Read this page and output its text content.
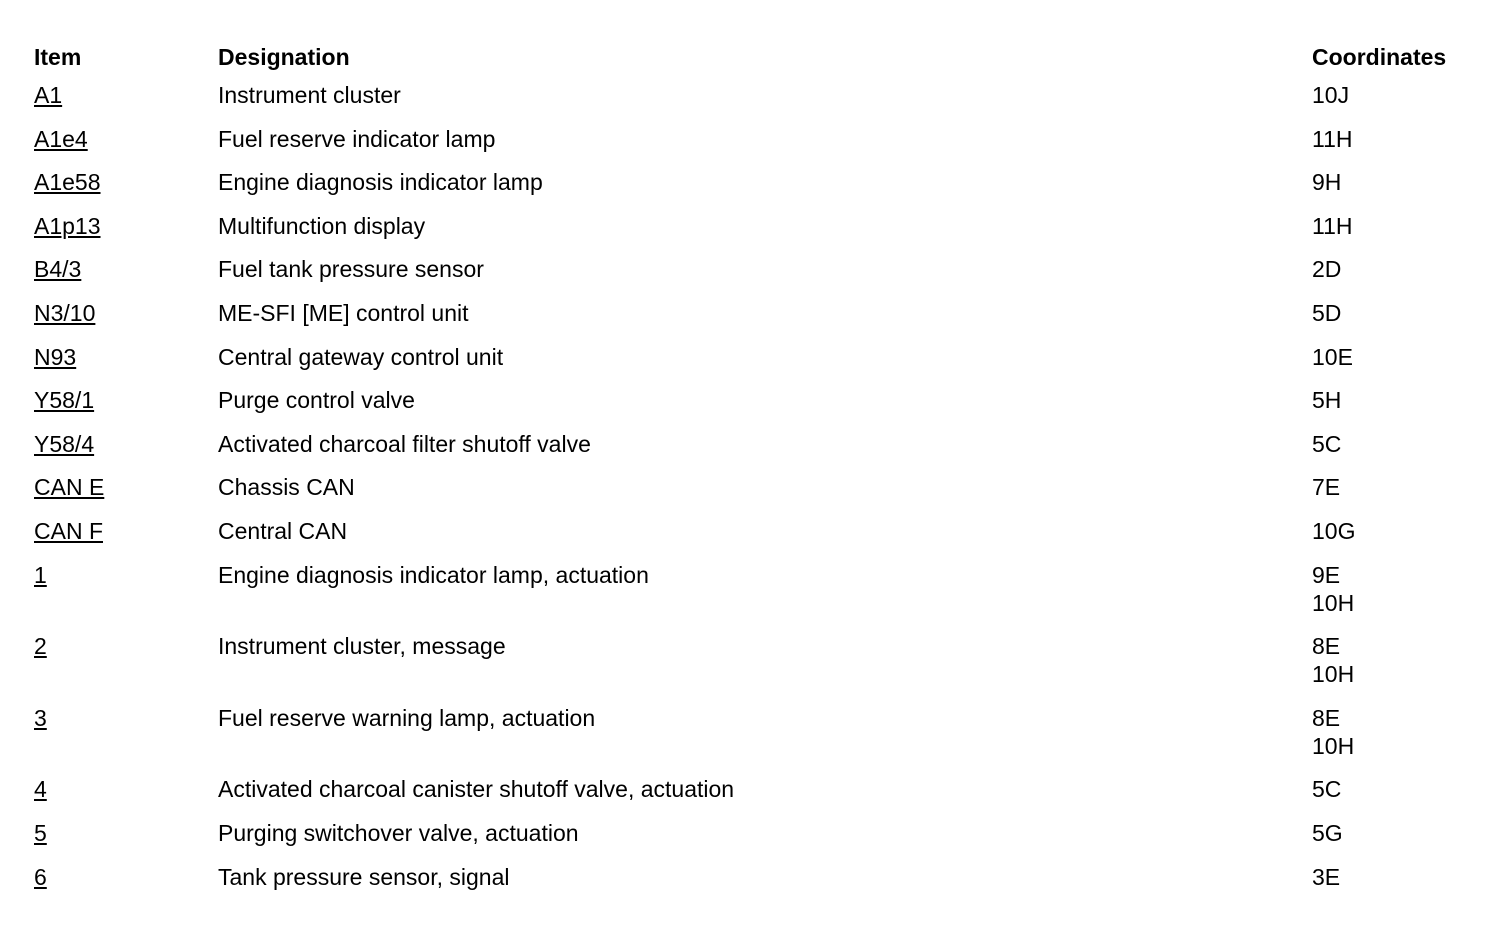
Item	Designation	Coordinates
A1	Instrument cluster	10J

A1e4	Fuel reserve indicator lamp	11H

A1e58	Engine diagnosis indicator lamp	9H

A1p13	Multifunction display	11H

B4/3	Fuel tank pressure sensor	2D

N3/10	ME-SFI [ME] control unit	5D

N93	Central gateway control unit	10E

Y58/1	Purge control valve	5H

Y58/4	Activated charcoal filter shutoff valve	5C

CAN E	Chassis CAN	7E

CAN F	Central CAN	10G

1	Engine diagnosis indicator lamp, actuation	9E
10H

2	Instrument cluster, message	8E
10H

3	Fuel reserve warning lamp, actuation	8E
10H

4	Activated charcoal canister shutoff valve, actuation	5C

5	Purging switchover valve, actuation	5G

6	Tank pressure sensor, signal	3E
